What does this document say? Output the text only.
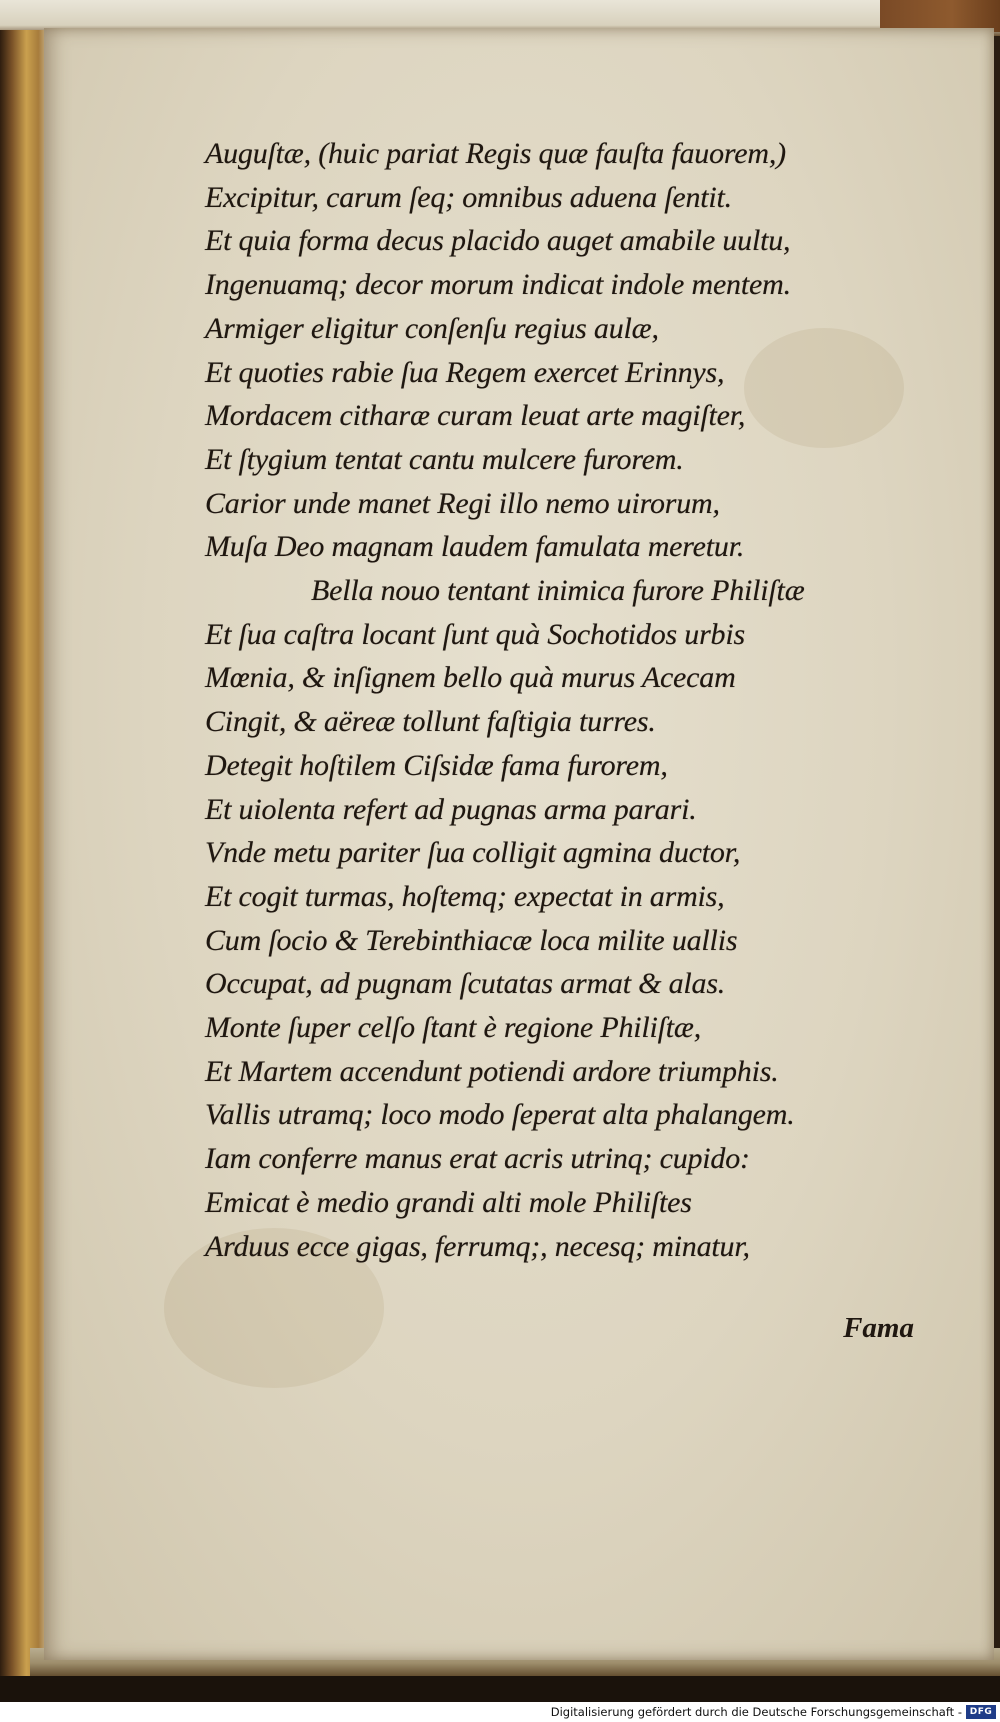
Auguſtæ, (huic pariat Regis quæ fauſta fauorem,)
Excipitur, carum ſeq; omnibus aduena ſentit.
Et quia forma decus placido auget amabile uultu,
Ingenuamq; decor morum indicat indole mentem.
Armiger eligitur conſenſu regius aulæ,
Et quoties rabie ſua Regem exercet Erinnys,
Mordacem citharæ curam leuat arte magiſter,
Et ſtygium tentat cantu mulcere furorem.
Carior unde manet Regi illo nemo uirorum,
Muſa Deo magnam laudem famulata meretur.
Bella nouo tentant inimica furore Philiſtæ
Et ſua caſtra locant ſunt quà Sochotidos urbis
Mœnia, & inſignem bello quà murus Acecam
Cingit, & aëreæ tollunt faſtigia turres.
Detegit hoſtilem Ciſsidæ fama furorem,
Et uiolenta refert ad pugnas arma parari.
Vnde metu pariter ſua colligit agmina ductor,
Et cogit turmas, hoſtemq; expectat in armis,
Cum ſocio & Terebinthiacæ loca milite uallis
Occupat, ad pugnam ſcutatas armat & alas.
Monte ſuper celſo ſtant è regione Philiſtæ,
Et Martem accendunt potiendi ardore triumphis.
Vallis utramq; loco modo ſeperat alta phalangem.
Iam conferre manus erat acris utrinq; cupido:
Emicat è medio grandi alti mole Philiſtes
Arduus ecce gigas, ferrumq;, necesq; minatur,
Fama
Digitalisierung gefördert durch die Deutsche Forschungsgemeinschaft - DFG
